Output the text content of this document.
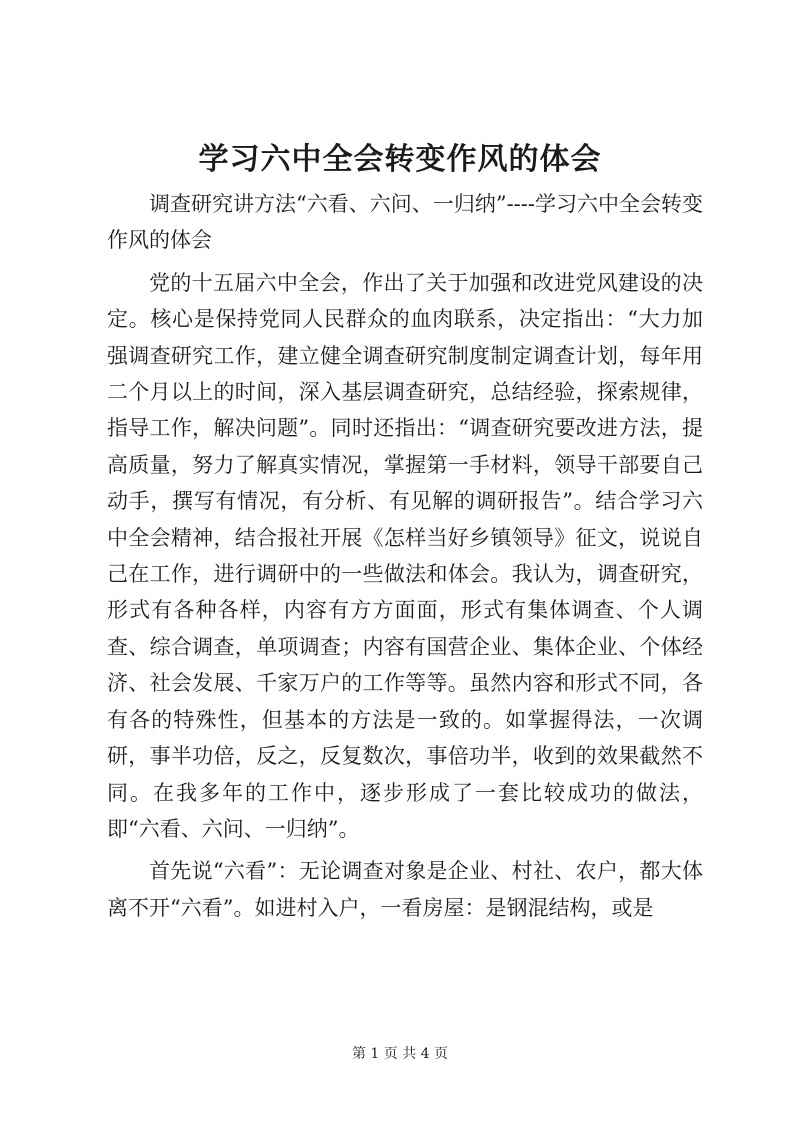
学习六中全会转变作风的体会

调查研究讲方法“六看、六问、一归纳”----学习六中全会转变作风的体会

党的十五届六中全会，作出了关于加强和改进党风建设的决定。核心是保持党同人民群众的血肉联系，决定指出：“大力加强调查研究工作，建立健全调查研究制度制定调查计划，每年用二个月以上的时间，深入基层调查研究，总结经验，探索规律，指导工作，解决问题”。同时还指出：“调查研究要改进方法，提高质量，努力了解真实情况，掌握第一手材料，领导干部要自己动手，撰写有情况，有分析、有见解的调研报告”。结合学习六中全会精神，结合报社开展《怎样当好乡镇领导》征文，说说自己在工作，进行调研中的一些做法和体会。我认为，调查研究，形式有各种各样，内容有方方面面，形式有集体调查、个人调查、综合调查，单项调查；内容有国营企业、集体企业、个体经济、社会发展、千家万户的工作等等。虽然内容和形式不同，各有各的特殊性，但基本的方法是一致的。如掌握得法，一次调研，事半功倍，反之，反复数次，事倍功半，收到的效果截然不同。在我多年的工作中，逐步形成了一套比较成功的做法，即“六看、六问、一归纳”。

首先说“六看”：无论调查对象是企业、村社、农户，都大体离不开“六看”。如进村入户，一看房屋：是钢混结构，或是

第 1 页 共 4 页
